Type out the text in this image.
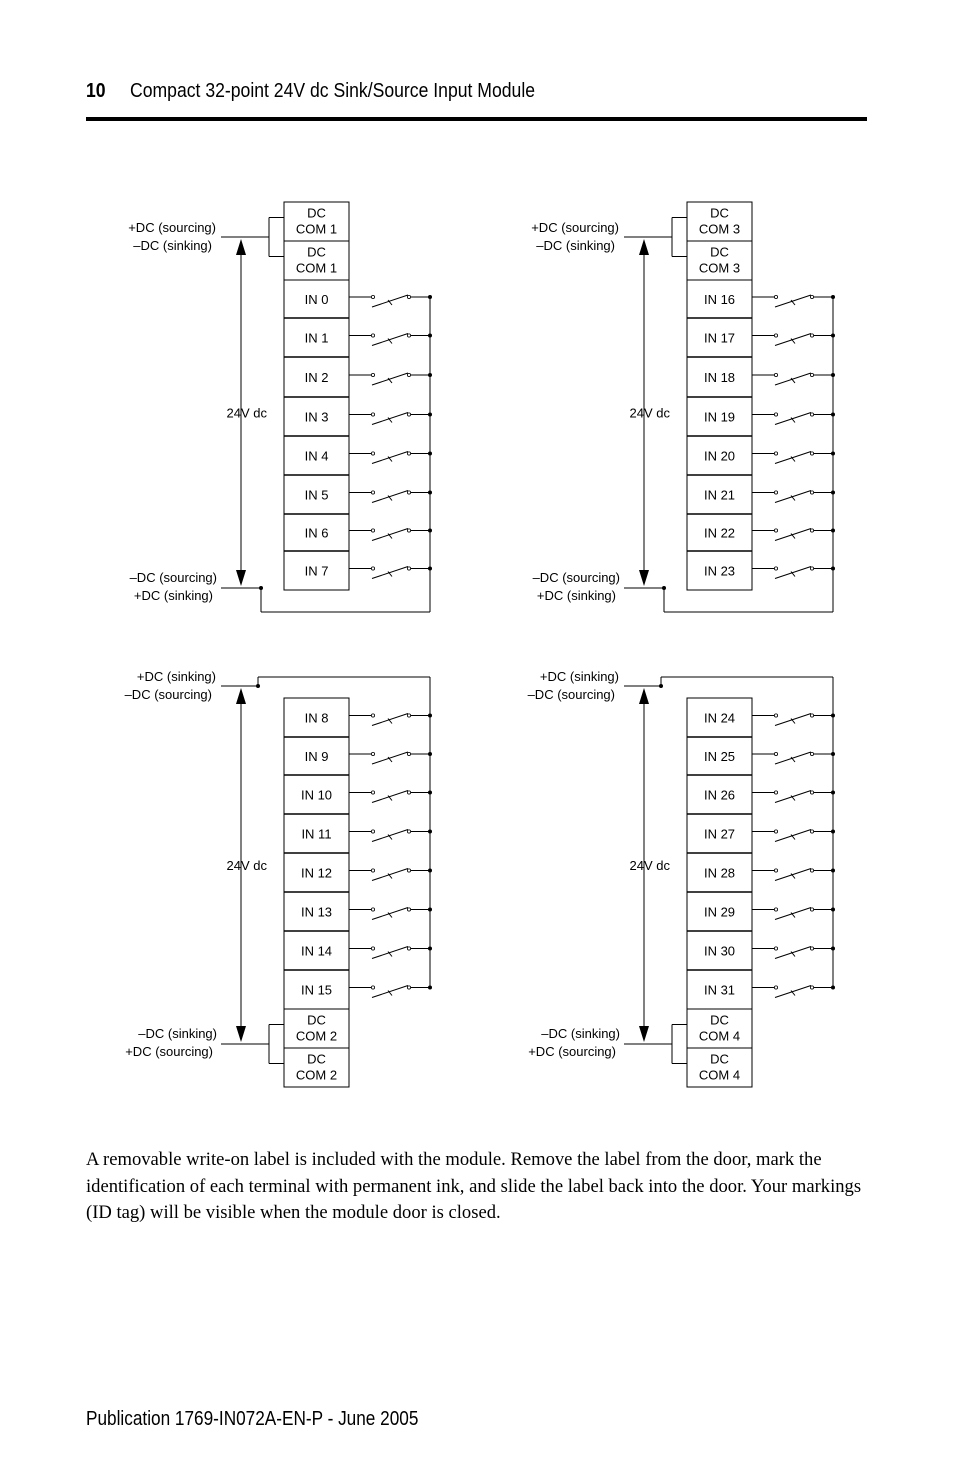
10 Compact 32-point 24V dc Sink/Source Input Module
DC
COM 1
DC
COM 1
IN 0
IN 1
IN 2
IN 3
IN 4
IN 5
IN 6
IN 7
+DC (sourcing)
–DC (sinking)
–DC (sourcing)
+DC (sinking)
24V dc
DC
COM 3
DC
COM 3
IN 16
IN 17
IN 18
IN 19
IN 20
IN 21
IN 22
IN 23
+DC (sourcing)
–DC (sinking)
–DC (sourcing)
+DC (sinking)
24V dc
IN 8
IN 9
IN 10
IN 11
IN 12
IN 13
IN 14
IN 15
DC
COM 2
DC
COM 2
+DC (sinking)
–DC (sourcing)
–DC (sinking)
+DC (sourcing)
24V dc
IN 24
IN 25
IN 26
IN 27
IN 28
IN 29
IN 30
IN 31
DC
COM 4
DC
COM 4
+DC (sinking)
–DC (sourcing)
–DC (sinking)
+DC (sourcing)
24V dc

A removable write-on label is included with the module. Remove the label from the door, mark the identification of each terminal with permanent ink, and slide the label back into the door. Your markings (ID tag) will be visible when the module door is closed.

Publication 1769-IN072A-EN-P - June 2005
